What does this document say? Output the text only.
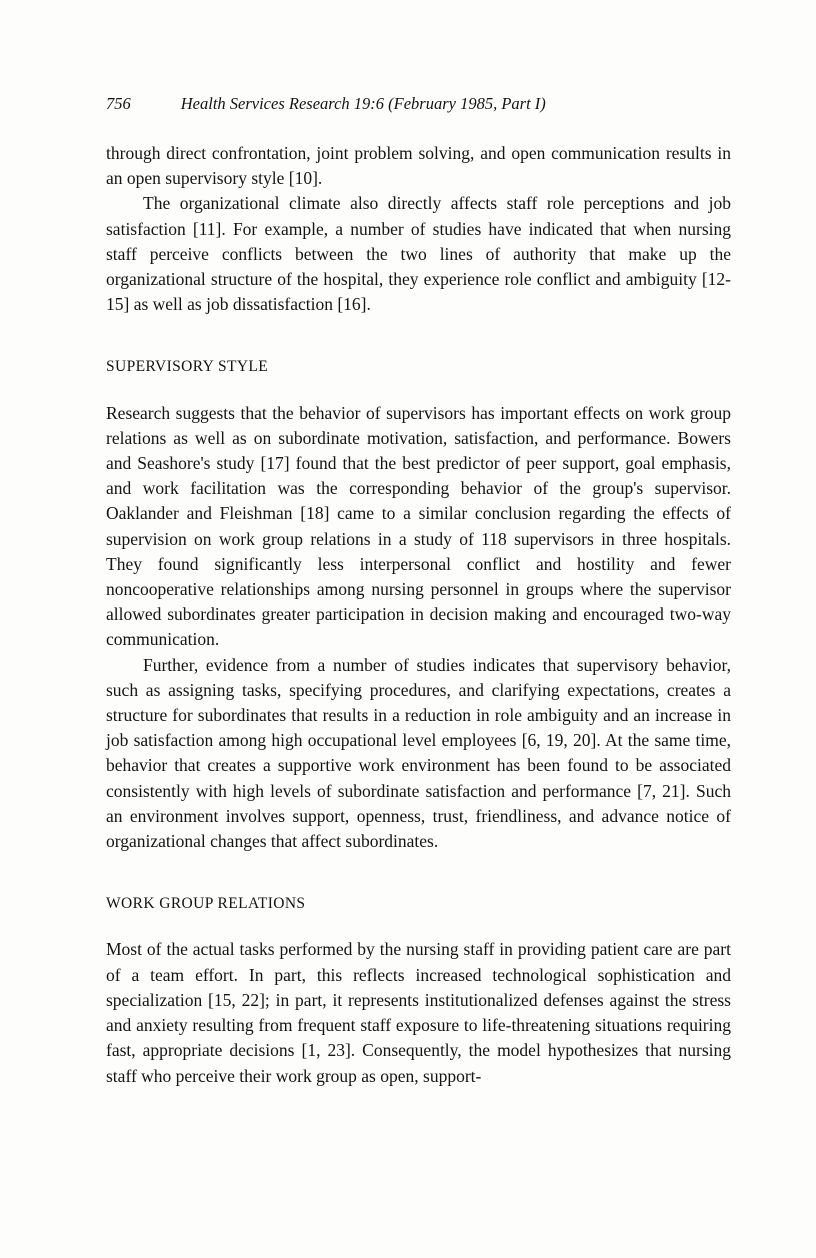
756	Health Services Research 19:6 (February 1985, Part I)

through direct confrontation, joint problem solving, and open communication results in an open supervisory style [10].

The organizational climate also directly affects staff role perceptions and job satisfaction [11]. For example, a number of studies have indicated that when nursing staff perceive conflicts between the two lines of authority that make up the organizational structure of the hospital, they experience role conflict and ambiguity [12-15] as well as job dissatisfaction [16].

SUPERVISORY STYLE

Research suggests that the behavior of supervisors has important effects on work group relations as well as on subordinate motivation, satisfaction, and performance. Bowers and Seashore's study [17] found that the best predictor of peer support, goal emphasis, and work facilitation was the corresponding behavior of the group's supervisor. Oaklander and Fleishman [18] came to a similar conclusion regarding the effects of supervision on work group relations in a study of 118 supervisors in three hospitals. They found significantly less interpersonal conflict and hostility and fewer noncooperative relationships among nursing personnel in groups where the supervisor allowed subordinates greater participation in decision making and encouraged two-way communication.

Further, evidence from a number of studies indicates that supervisory behavior, such as assigning tasks, specifying procedures, and clarifying expectations, creates a structure for subordinates that results in a reduction in role ambiguity and an increase in job satisfaction among high occupational level employees [6, 19, 20]. At the same time, behavior that creates a supportive work environment has been found to be associated consistently with high levels of subordinate satisfaction and performance [7, 21]. Such an environment involves support, openness, trust, friendliness, and advance notice of organizational changes that affect subordinates.

WORK GROUP RELATIONS

Most of the actual tasks performed by the nursing staff in providing patient care are part of a team effort. In part, this reflects increased technological sophistication and specialization [15, 22]; in part, it represents institutionalized defenses against the stress and anxiety resulting from frequent staff exposure to life-threatening situations requiring fast, appropriate decisions [1, 23]. Consequently, the model hypothesizes that nursing staff who perceive their work group as open, support-
